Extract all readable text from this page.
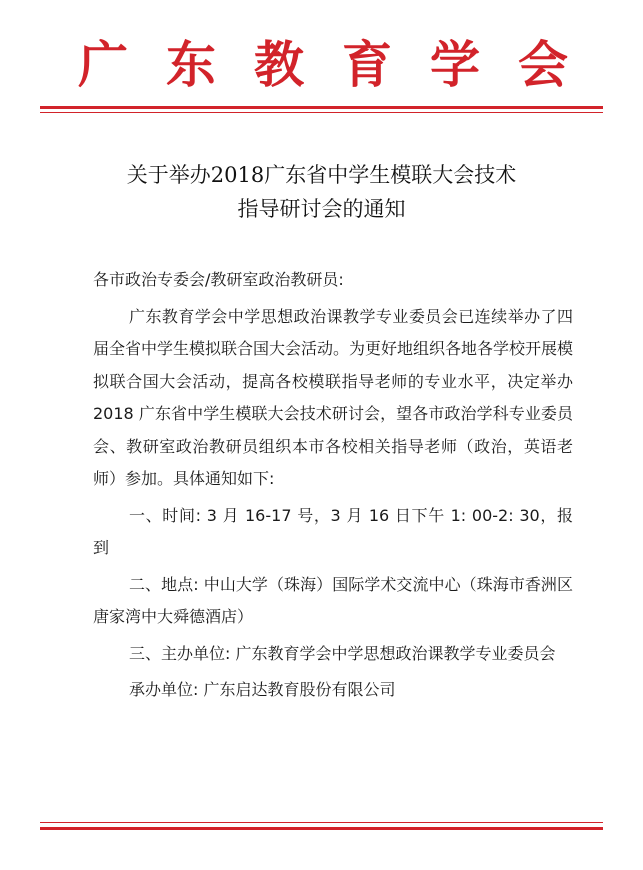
广东教育学会
关于举办2018广东省中学生模联大会技术
指导研讨会的通知

各市政治专委会/教研室政治教研员:

广东教育学会中学思想政治课教学专业委员会已连续举办了四届全省中学生模拟联合国大会活动。为更好地组织各地各学校开展模拟联合国大会活动，提高各校模联指导老师的专业水平，决定举办 2018 广东省中学生模联大会技术研讨会，望各市政治学科专业委员会、教研室政治教研员组织本市各校相关指导老师（政治，英语老师）参加。具体通知如下:

一、时间: 3 月 16-17 号，3 月 16 日下午 1: 00-2: 30，报到

二、地点: 中山大学（珠海）国际学术交流中心（珠海市香洲区唐家湾中大舜德酒店）

三、主办单位: 广东教育学会中学思想政治课教学专业委员会

承办单位: 广东启达教育股份有限公司
